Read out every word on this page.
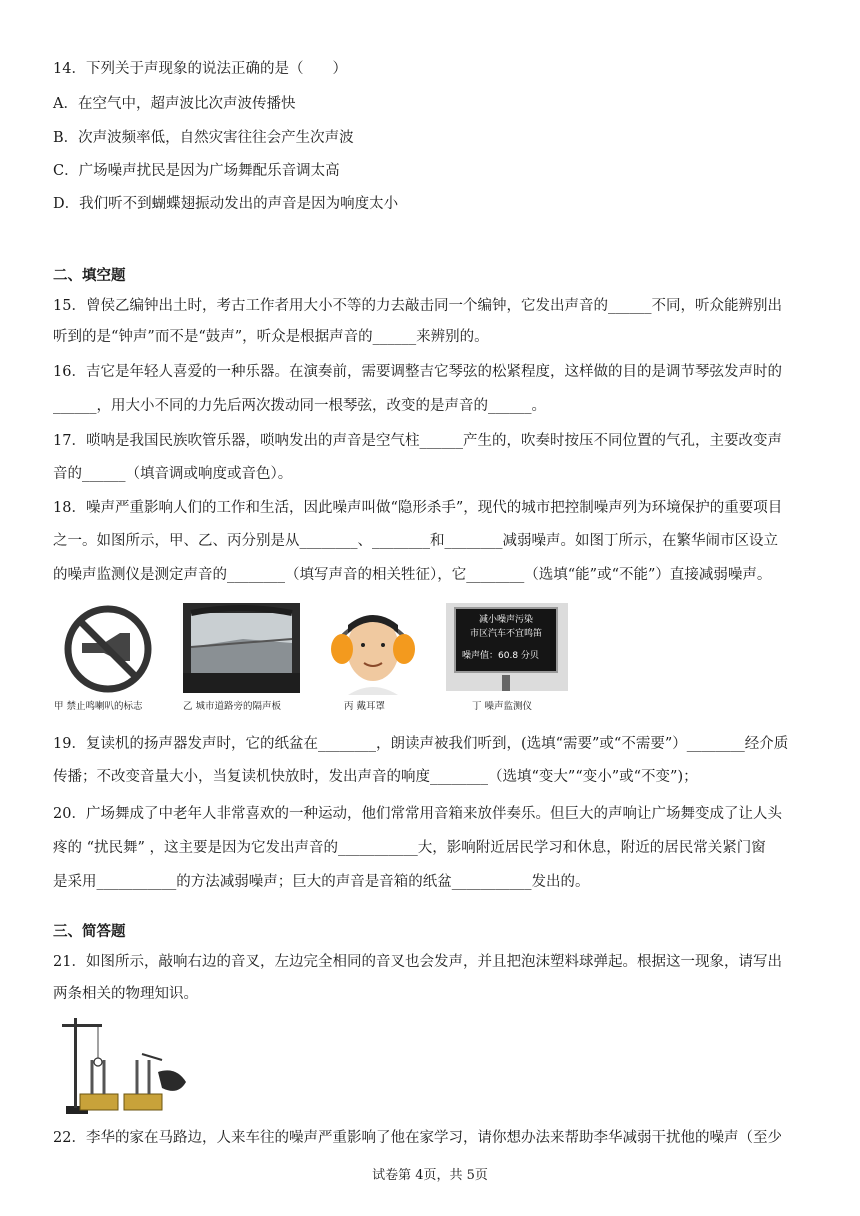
14．下列关于声现象的说法正确的是（　　）
A．在空气中，超声波比次声波传播快
B．次声波频率低，自然灾害往往会产生次声波
C．广场噪声扰民是因为广场舞配乐音调太高
D．我们听不到蝴蝶翅振动发出的声音是因为响度太小
二、填空题
15．曾侯乙编钟出土时，考古工作者用大小不等的力去敲击同一个编钟，它发出声音的______不同，听众能辨别出
听到的是“钟声”而不是“鼓声”，听众是根据声音的______来辨别的。
16．吉它是年轻人喜爱的一种乐器。在演奏前，需要调整吉它琴弦的松紧程度，这样做的目的是调节琴弦发声时的
______，用大小不同的力先后两次拨动同一根琴弦，改变的是声音的______。
17．唢呐是我国民族吹管乐器，唢呐发出的声音是空气柱______产生的，吹奏时按压不同位置的气孔，主要改变声
音的______（填音调或响度或音色）。
18．噪声严重影响人们的工作和生活，因此噪声叫做“隐形杀手”，现代的城市把控制噪声列为环境保护的重要项目
之一。如图所示，甲、乙、丙分别是从________、________和________减弱噪声。如图丁所示，在繁华闹市区设立
的噪声监测仪是测定声音的________（填写声音的相关牲征），它________（选填“能”或“不能”）直接减弱噪声。
甲 禁止鸣喇叭的标志	乙 城市道路旁的隔声板	丙 戴耳罩
减小噪声污染
市区汽车不宜鸣笛
噪声值：60.8 分贝
丁 噪声监测仪
19．复读机的扬声器发声时，它的纸盆在________，朗读声被我们听到，(选填“需要”或“不需要”）________经介质
传播；不改变音量大小，当复读机快放时，发出声音的响度________（选填“变大”“变小”或“不变”)；
20．广场舞成了中老年人非常喜欢的一种运动，他们常常用音箱来放伴奏乐。但巨大的声响让广场舞变成了让人头
疼的 “扰民舞” ，这主要是因为它发出声音的___________大，影响附近居民学习和休息，附近的居民常关紧门窗
是采用___________的方法减弱噪声；巨大的声音是音箱的纸盆___________发出的。
三、简答题
21．如图所示，敲响右边的音叉，左边完全相同的音叉也会发声，并且把泡沫塑料球弹起。根据这一现象，请写出
两条相关的物理知识。
22．李华的家在马路边，人来车往的噪声严重影响了他在家学习，请你想办法来帮助李华减弱干扰他的噪声（至少
试卷第 4页，共 5页
